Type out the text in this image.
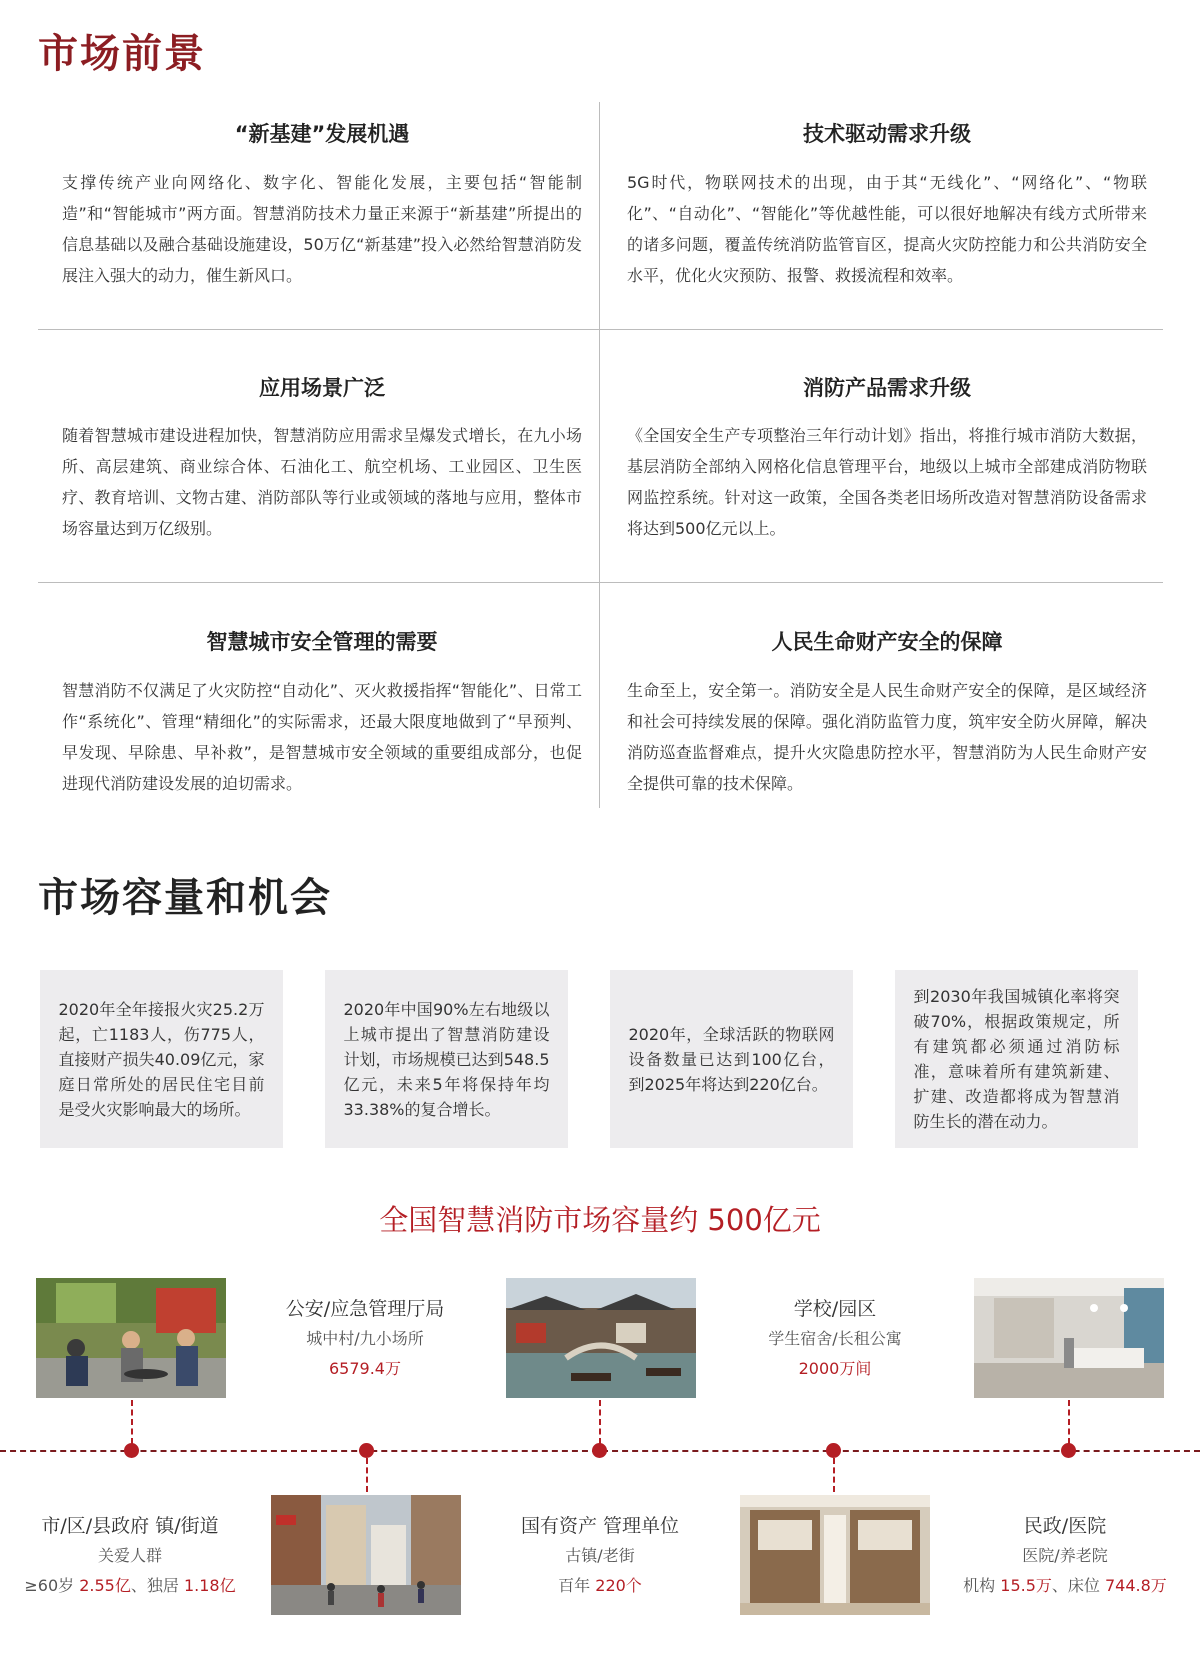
市场前景
“新基建”发展机遇
支撑传统产业向网络化、数字化、智能化发展，主要包括“智能制造”和“智能城市”两方面。智慧消防技术力量正来源于“新基建”所提出的信息基础以及融合基础设施建设，50万亿“新基建”投入必然给智慧消防发展注入强大的动力，催生新风口。
技术驱动需求升级
5G时代，物联网技术的出现，由于其“无线化”、“网络化”、“物联化”、“自动化”、“智能化”等优越性能，可以很好地解决有线方式所带来的诸多问题，覆盖传统消防监管盲区，提高火灾防控能力和公共消防安全水平，优化火灾预防、报警、救援流程和效率。
应用场景广泛
随着智慧城市建设进程加快，智慧消防应用需求呈爆发式增长，在九小场所、高层建筑、商业综合体、石油化工、航空机场、工业园区、卫生医疗、教育培训、文物古建、消防部队等行业或领域的落地与应用，整体市场容量达到万亿级别。
消防产品需求升级
《全国安全生产专项整治三年行动计划》指出，将推行城市消防大数据，基层消防全部纳入网格化信息管理平台，地级以上城市全部建成消防物联网监控系统。针对这一政策，全国各类老旧场所改造对智慧消防设备需求将达到500亿元以上。
智慧城市安全管理的需要
智慧消防不仅满足了火灾防控“自动化”、灭火救援指挥“智能化”、日常工作“系统化”、管理“精细化”的实际需求，还最大限度地做到了“早预判、早发现、早除患、早补救”，是智慧城市安全领域的重要组成部分，也促进现代消防建设发展的迫切需求。
人民生命财产安全的保障
生命至上，安全第一。消防安全是人民生命财产安全的保障，是区域经济和社会可持续发展的保障。强化消防监管力度，筑牢安全防火屏障，解决消防巡查监督难点，提升火灾隐患防控水平，智慧消防为人民生命财产安全提供可靠的技术保障。
市场容量和机会
2020年全年接报火灾25.2万起，亡1183人，伤775人，直接财产损失40.09亿元，家庭日常所处的居民住宅目前是受火灾影响最大的场所。
2020年中国90%左右地级以上城市提出了智慧消防建设计划，市场规模已达到548.5亿元，未来5年将保持年均33.38%的复合增长。
2020年，全球活跃的物联网设备数量已达到100亿台，到2025年将达到220亿台。
到2030年我国城镇化率将突破70%，根据政策规定，所有建筑都必须通过消防标准，意味着所有建筑新建、扩建、改造都将成为智慧消防生长的潜在动力。
全国智慧消防市场容量约 500亿元
公安/应急管理厅局
城中村/九小场所
6579.4万
学校/园区
学生宿舍/长租公寓
2000万间
市/区/县政府 镇/街道
关爱人群
≥60岁 2.55亿、独居 1.18亿
国有资产 管理单位
古镇/老街
百年 220个
民政/医院
医院/养老院
机构 15.5万、床位 744.8万
